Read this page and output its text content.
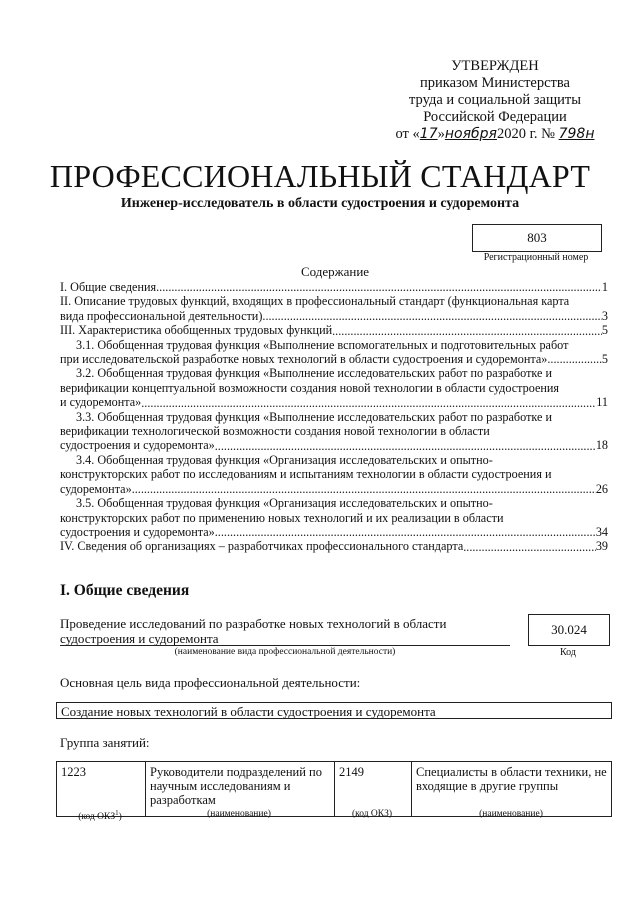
УТВЕРЖДЕН
приказом Министерства
труда и социальной защиты
Российской Федерации
от «17»ноября2020 г. № 798н
ПРОФЕССИОНАЛЬНЫЙ СТАНДАРТ
Инженер-исследователь в области судостроения и судоремонта
803
Регистрационный номер
Содержание
I. Общие сведения .....	1
II. Описание трудовых функций, входящих в профессиональный стандарт (функциональная карта
вида профессиональной деятельности) .....	3
III. Характеристика обобщенных трудовых функций .....	5
3.1. Обобщенная трудовая функция «Выполнение вспомогательных и подготовительных работ
при исследовательской разработке новых технологий в области судостроения и судоремонта» .....	5
3.2. Обобщенная трудовая функция «Выполнение исследовательских работ по разработке и
верификации концептуальной возможности создания новой технологии в области судостроения
и судоремонта» .....	11
3.3. Обобщенная трудовая функция «Выполнение исследовательских работ по разработке и
верификации технологической возможности создания новой технологии в области
судостроения и судоремонта» .....	18
3.4. Обобщенная трудовая функция «Организация исследовательских и опытно-
конструкторских работ по исследованиям и испытаниям технологии в области судостроения и
судоремонта» .....	26
3.5. Обобщенная трудовая функция «Организация исследовательских и опытно-
конструкторских работ по применению новых технологий и их реализации в области
судостроения и судоремонта» .....	34
IV. Сведения об организациях – разработчиках профессионального стандарта .....	39
I. Общие сведения
Проведение исследований по разработке новых технологий в области
судостроения и судоремонта
(наименование вида профессиональной деятельности)
30.024
Код
Основная цель вида профессиональной деятельности:
Создание новых технологий в области судостроения и судоремонта
Группа занятий:
1223	Руководители подразделений по научным исследованиям и разработкам	2149	Специалисты в области техники, не входящие в другие группы
(код ОКЗ$^1$)	(наименование)	(код ОКЗ)	(наименование)
